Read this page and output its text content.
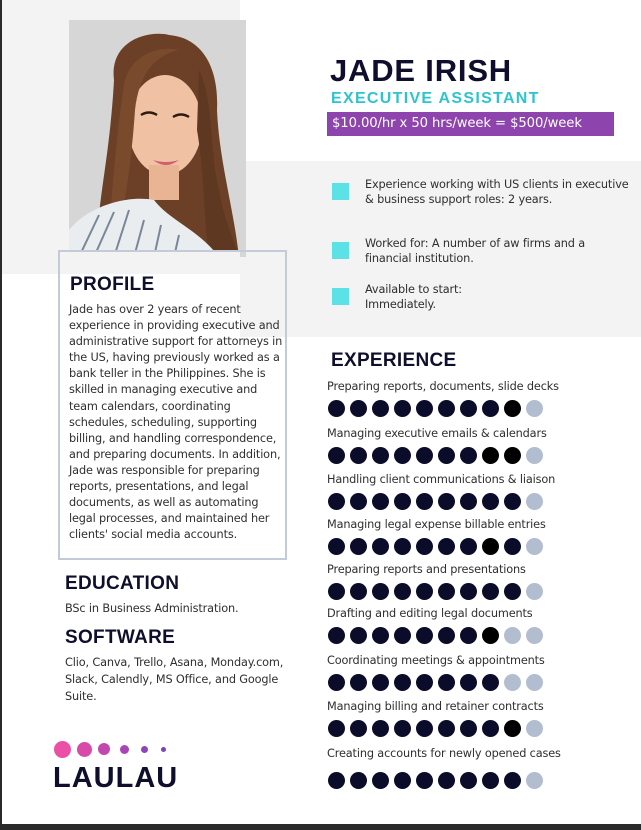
PROFILE
Jade has over 2 years of recent experience in providing executive and administrative support for attorneys in the US, having previously worked as a bank teller in the Philippines. She is skilled in managing executive and team calendars, coordinating schedules, scheduling, supporting billing, and handling correspondence, and preparing documents. In addition, Jade was responsible for preparing reports, presentations, and legal documents, as well as automating legal processes, and maintained her clients' social media accounts.
EDUCATION
BSc in Business Administration.
SOFTWARE
Clio, Canva, Trello, Asana, Monday.com, Slack, Calendly, MS Office, and Google Suite.
LAULAU
JADE IRISH
EXECUTIVE ASSISTANT
$10.00/hr x 50 hrs/week = $500/week
Experience working with US clients in executive & business support roles: 2 years.
Worked for: A number of aw firms and a financial institution.
Available to start: Immediately.
EXPERIENCE
Preparing reports, documents, slide decks
Managing executive emails & calendars
Handling client communications & liaison
Managing legal expense billable entries
Preparing reports and presentations
Drafting and editing legal documents
Coordinating meetings & appointments
Managing billing and retainer contracts
Creating accounts for newly opened cases
